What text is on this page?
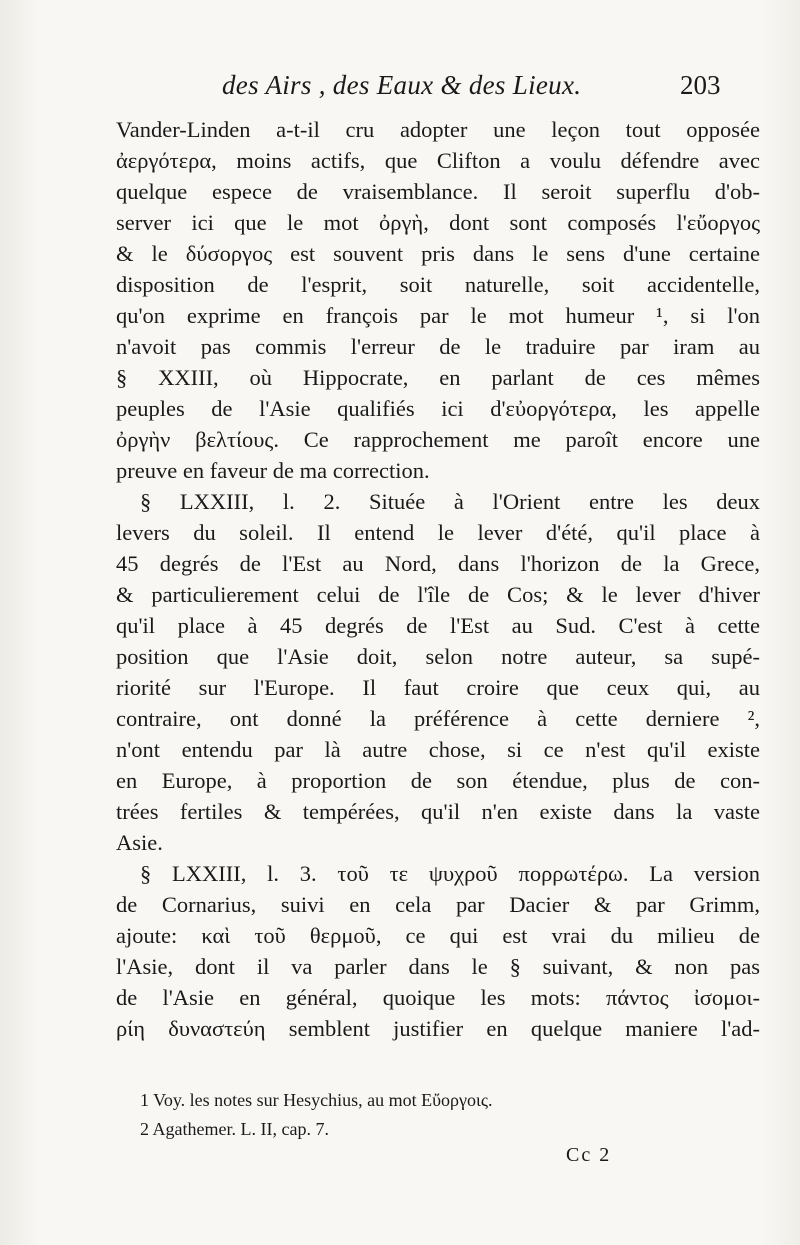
des Airs , des Eaux & des Lieux.	203
Vander-Linden a-t-il cru adopter une leçon tout opposée
ἀεργότερα, moins actifs, que Clifton a voulu défendre avec
quelque espece de vraisemblance. Il seroit superflu d'ob-
server ici que le mot ὀργὴ, dont sont composés l'εὔοργος
& le δύσοργος est souvent pris dans le sens d'une certaine
disposition de l'esprit, soit naturelle, soit accidentelle,
qu'on exprime en françois par le mot humeur ¹, si l'on
n'avoit pas commis l'erreur de le traduire par iram au
§ XXIII, où Hippocrate, en parlant de ces mêmes
peuples de l'Asie qualifiés ici d'εὐοργότερα, les appelle
ὀργὴν βελτίους. Ce rapprochement me paroît encore une
preuve en faveur de ma correction.
§ LXXIII, l. 2. Située à l'Orient entre les deux
levers du soleil. Il entend le lever d'été, qu'il place à
45 degrés de l'Est au Nord, dans l'horizon de la Grece,
& particulierement celui de l'île de Cos; & le lever d'hiver
qu'il place à 45 degrés de l'Est au Sud. C'est à cette
position que l'Asie doit, selon notre auteur, sa supé-
riorité sur l'Europe. Il faut croire que ceux qui, au
contraire, ont donné la préférence à cette derniere ²,
n'ont entendu par là autre chose, si ce n'est qu'il existe
en Europe, à proportion de son étendue, plus de con-
trées fertiles & tempérées, qu'il n'en existe dans la vaste
Asie.
§ LXXIII, l. 3. τοῦ τε ψυχροῦ πορρωτέρω. La version
de Cornarius, suivi en cela par Dacier & par Grimm,
ajoute: καὶ τοῦ θερμοῦ, ce qui est vrai du milieu de
l'Asie, dont il va parler dans le § suivant, & non pas
de l'Asie en général, quoique les mots: πάντος ἰσομοι-
ρίη δυναστεύη semblent justifier en quelque maniere l'ad-
1 Voy. les notes sur Hesychius, au mot Εὔοργοις.
2 Agathemer. L. II, cap. 7.
Cc 2
